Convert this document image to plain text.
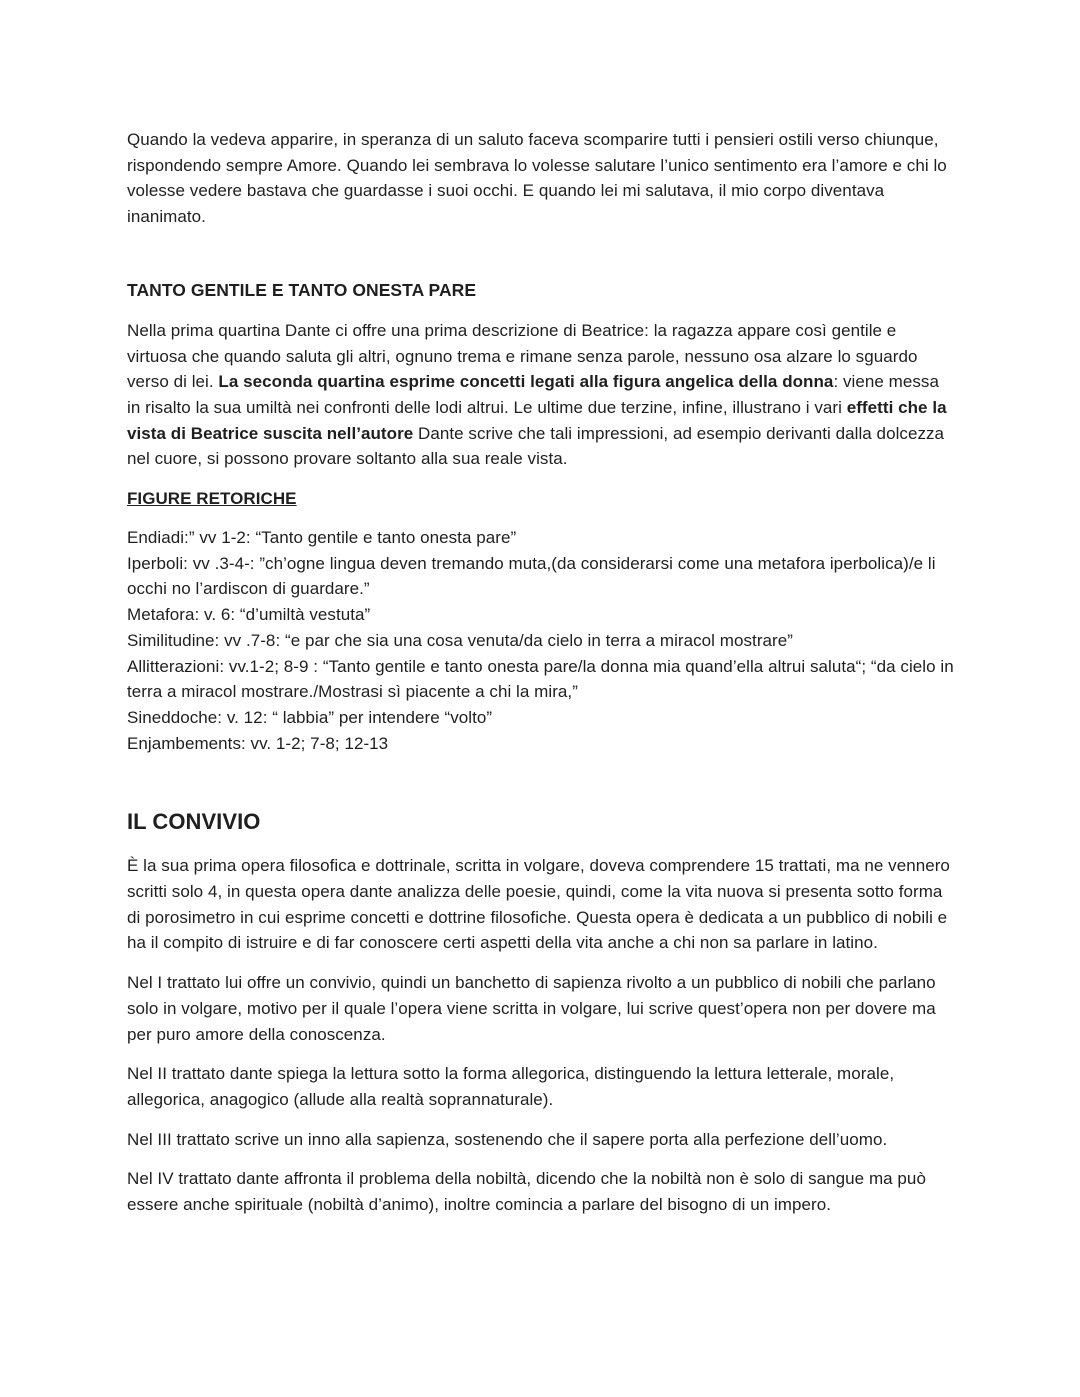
Quando la vedeva apparire, in speranza di un saluto faceva scomparire tutti i pensieri ostili verso chiunque, rispondendo sempre Amore. Quando lei sembrava lo volesse salutare l’unico sentimento era l’amore e chi lo volesse vedere bastava che guardasse i suoi occhi. E quando lei mi salutava, il mio corpo diventava inanimato.

TANTO GENTILE E TANTO ONESTA PARE

Nella prima quartina Dante ci offre una prima descrizione di Beatrice: la ragazza appare così gentile e virtuosa che quando saluta gli altri, ognuno trema e rimane senza parole, nessuno osa alzare lo sguardo verso di lei. La seconda quartina esprime concetti legati alla figura angelica della donna: viene messa in risalto la sua umiltà nei confronti delle lodi altrui. Le ultime due terzine, infine, illustrano i vari effetti che la vista di Beatrice suscita nell’autore Dante scrive che tali impressioni, ad esempio derivanti dalla dolcezza nel cuore, si possono provare soltanto alla sua reale vista.

FIGURE RETORICHE

Endiadi:” vv 1-2: “Tanto gentile e tanto onesta pare”

Iperboli: vv .3-4-: ”ch’ogne lingua deven tremando muta,(da considerarsi come una metafora iperbolica)/e li occhi no l’ardiscon di guardare.”

Metafora: v. 6: “d’umiltà vestuta”

Similitudine: vv .7-8: “e par che sia una cosa venuta/da cielo in terra a miracol mostrare”

Allitterazioni: vv.1-2; 8-9 : “Tanto gentile e tanto onesta pare/la donna mia quand’ella altrui saluta“; “da cielo in terra a miracol mostrare./Mostrasi sì piacente a chi la mira,”

Sineddoche: v. 12: “ labbia” per intendere “volto”

Enjambements: vv. 1-2; 7-8; 12-13

IL CONVIVIO

È la sua prima opera filosofica e dottrinale, scritta in volgare, doveva comprendere 15 trattati, ma ne vennero scritti solo 4, in questa opera dante analizza delle poesie, quindi, come la vita nuova si presenta sotto forma di porosimetro in cui esprime concetti e dottrine filosofiche. Questa opera è dedicata a un pubblico di nobili e ha il compito di istruire e di far conoscere certi aspetti della vita anche a chi non sa parlare in latino.

Nel I trattato lui offre un convivio, quindi un banchetto di sapienza rivolto a un pubblico di nobili che parlano solo in volgare, motivo per il quale l’opera viene scritta in volgare, lui scrive quest’opera non per dovere ma per puro amore della conoscenza.

Nel II trattato dante spiega la lettura sotto la forma allegorica, distinguendo la lettura letterale, morale, allegorica, anagogico (allude alla realtà soprannaturale).

Nel III trattato scrive un inno alla sapienza, sostenendo che il sapere porta alla perfezione dell’uomo.

Nel IV trattato dante affronta il problema della nobiltà, dicendo che la nobiltà non è solo di sangue ma può essere anche spirituale (nobiltà d’animo), inoltre comincia a parlare del bisogno di un impero.
